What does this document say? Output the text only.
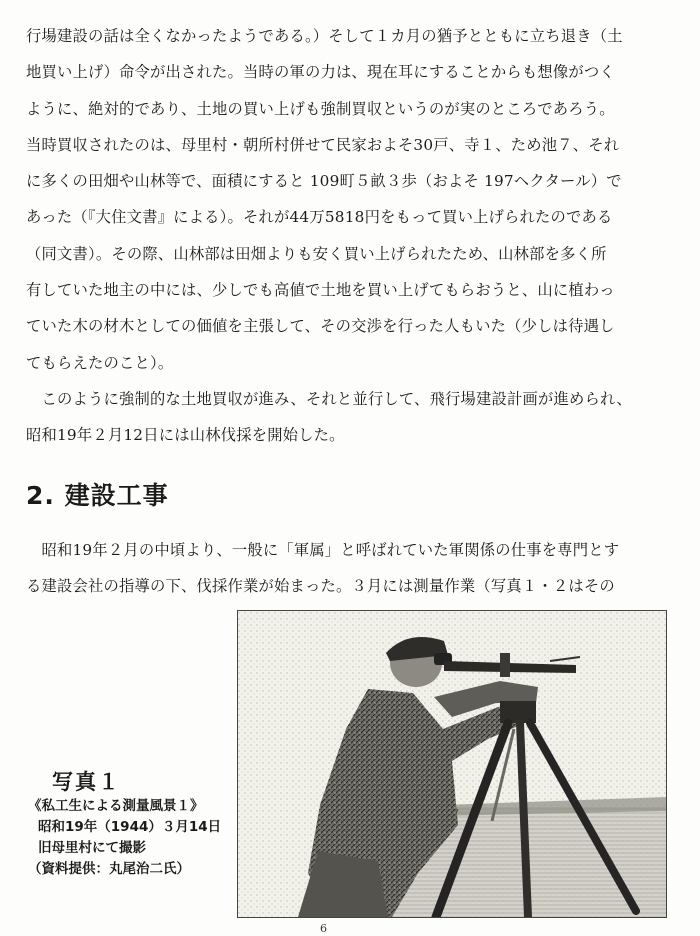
行場建設の話は全くなかったようである。）そして１カ月の猶予とともに立ち退き（土
地買い上げ）命令が出された。当時の軍の力は、現在耳にすることからも想像がつく
ように、絶対的であり、土地の買い上げも強制買収というのが実のところであろう。
当時買収されたのは、母里村・朝所村併せて民家およそ30戸、寺１、ため池７、それ
に多くの田畑や山林等で、面積にすると 109町５畝３歩（およそ 197ヘクタール）で
あった（『大住文書』による）。それが44万5818円をもって買い上げられたのである
（同文書）。その際、山林部は田畑よりも安く買い上げられたため、山林部を多く所
有していた地主の中には、少しでも高値で土地を買い上げてもらおうと、山に植わっ
ていた木の材木としての価値を主張して、その交渉を行った人もいた（少しは待遇し
てもらえたのこと）。
　このように強制的な土地買収が進み、それと並行して、飛行場建設計画が進められ、
昭和19年２月12日には山林伐採を開始した。
2. 建設工事
　昭和19年２月の中頃より、一般に「軍属」と呼ばれていた軍関係の仕事を専門とす
る建設会社の指導の下、伐採作業が始まった。３月には測量作業（写真１・２はその

写真１

《私工生による測量風景１》

昭和19年（1944）３月14日

旧母里村にて撮影

（資料提供：丸尾治二氏）

6
